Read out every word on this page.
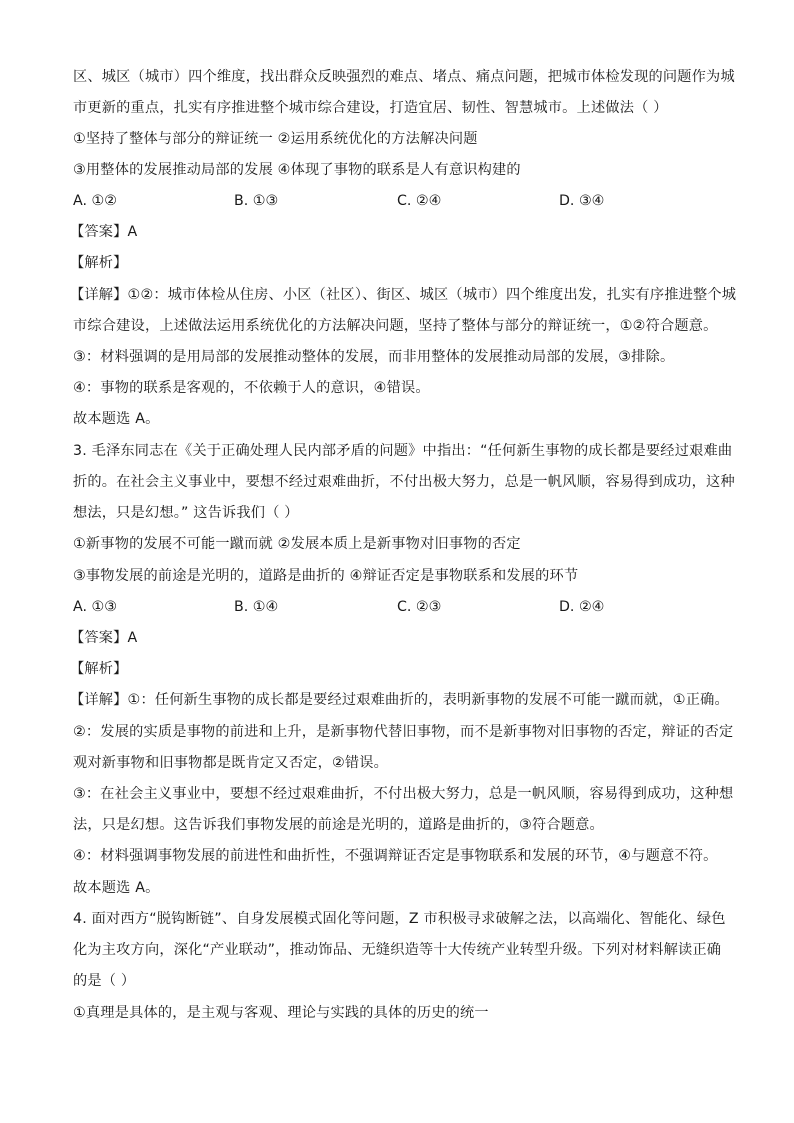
区、城区（城市）四个维度，找出群众反映强烈的难点、堵点、痛点问题，把城市体检发现的问题作为城
市更新的重点，扎实有序推进整个城市综合建设，打造宜居、韧性、智慧城市。上述做法（ ）
①坚持了整体与部分的辩证统一 ②运用系统优化的方法解决问题
③用整体的发展推动局部的发展 ④体现了事物的联系是人有意识构建的
A. ①②	B. ①③	C. ②④	D. ③④
【答案】A
【解析】
【详解】①②：城市体检从住房、小区（社区）、街区、城区（城市）四个维度出发，扎实有序推进整个城
市综合建设，上述做法运用系统优化的方法解决问题，坚持了整体与部分的辩证统一，①②符合题意。
③：材料强调的是用局部的发展推动整体的发展，而非用整体的发展推动局部的发展，③排除。
④：事物的联系是客观的，不依赖于人的意识，④错误。
故本题选 A。
3. 毛泽东同志在《关于正确处理人民内部矛盾的问题》中指出：“任何新生事物的成长都是要经过艰难曲
折的。在社会主义事业中，要想不经过艰难曲折，不付出极大努力，总是一帆风顺，容易得到成功，这种
想法，只是幻想。” 这告诉我们（ ）
①新事物的发展不可能一蹴而就 ②发展本质上是新事物对旧事物的否定
③事物发展的前途是光明的，道路是曲折的 ④辩证否定是事物联系和发展的环节
A. ①③	B. ①④	C. ②③	D. ②④
【答案】A
【解析】
【详解】①：任何新生事物的成长都是要经过艰难曲折的，表明新事物的发展不可能一蹴而就，①正确。
②：发展的实质是事物的前进和上升，是新事物代替旧事物，而不是新事物对旧事物的否定，辩证的否定
观对新事物和旧事物都是既肯定又否定，②错误。
③：在社会主义事业中，要想不经过艰难曲折，不付出极大努力，总是一帆风顺，容易得到成功，这种想
法，只是幻想。这告诉我们事物发展的前途是光明的，道路是曲折的，③符合题意。
④：材料强调事物发展的前进性和曲折性，不强调辩证否定是事物联系和发展的环节，④与题意不符。
故本题选 A。
4. 面对西方“脱钩断链”、自身发展模式固化等问题，Z 市积极寻求破解之法，以高端化、智能化、绿色
化为主攻方向，深化“产业联动”，推动饰品、无缝织造等十大传统产业转型升级。下列对材料解读正确
的是（ ）
①真理是具体的，是主观与客观、理论与实践的具体的历史的统一
